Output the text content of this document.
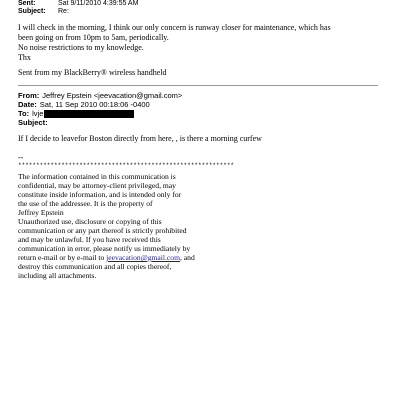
Sent:	Sat 9/11/2010 4:39:55 AM
Subject: Re:

I will check in the morning, I think our only concern is runway closer for maintenance, which has

been going on from 10pm to 5am, periodically.

No noise restrictions to my knowledge.

Thx

Sent from my BlackBerry® wireless handheld
From: Jeffrey Epstein <jeevacation@gmail.com>
Date: Sat, 11 Sep 2010 00:18:06 -0400
To: lvje
Subject:
If I decide to leavefor Boston directly from here, , is there a morning curfew
--
************************************************************
The information contained in this communication is
confidential, may be attorney-client privileged, may
constitute inside information, and is intended only for
the use of the addressee. It is the property of
Jeffrey Epstein
Unauthorized use, disclosure or copying of this
communication or any part thereof is strictly prohibited
and may be unlawful. If you have received this
communication in error, please notify us immediately by
return e-mail or by e-mail to jeevacation@gmail.com, and
destroy this communication and all copies thereof,
including all attachments.
